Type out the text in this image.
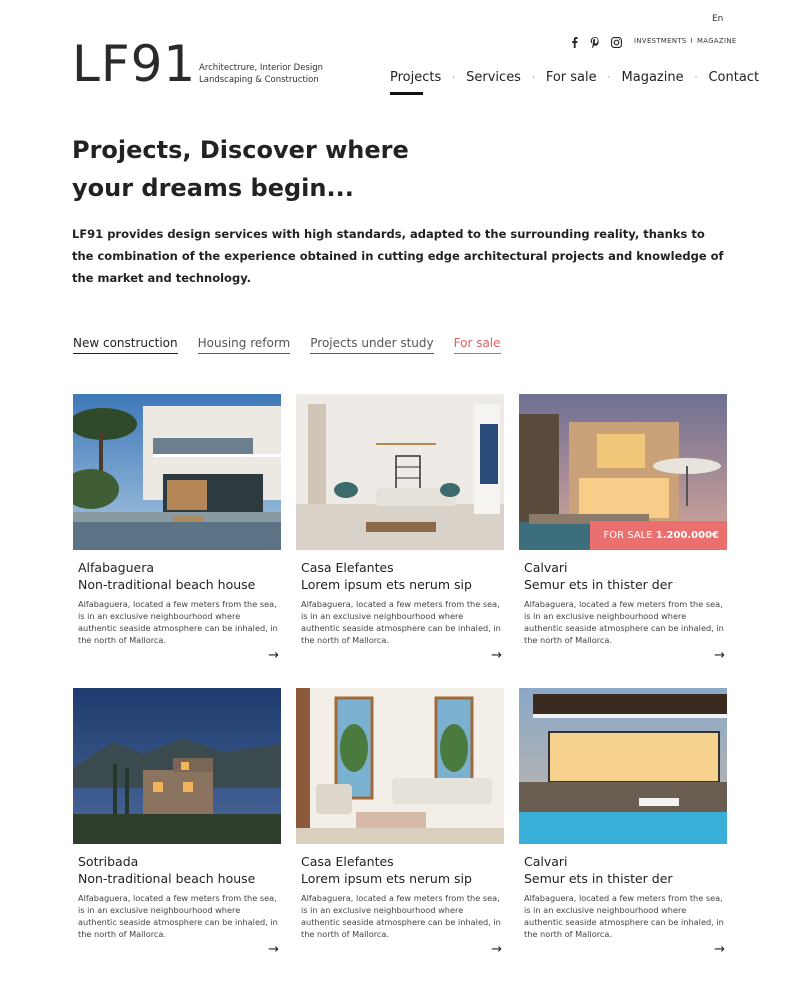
En
LF91 Architectrure, Interior Design
Landscaping & Construction
INVESTMENTS I MAGAZINE
Projects · Services · For sale · Magazine · Contact
Projects, Discover where your dreams begin...
LF91 provides design services with high standards, adapted to the surrounding reality, thanks to
the combination of the experience obtained in cutting edge architectural projects and knowledge of the market and technology.
New construction Housing reform Projects under study For sale
Alfabaguera
Non-traditional beach house
Alfabaguera, located a few meters from the sea, is in an exclusive neighbourhood where authentic seaside atmosphere can be inhaled, in the north of Mallorca.
→
Casa Elefantes
Lorem ipsum ets nerum sip
Alfabaguera, located a few meters from the sea, is in an exclusive neighbourhood where authentic seaside atmosphere can be inhaled, in the north of Mallorca.
→
FOR SALE 1.200.000€
Calvari
Semur ets in thister der
Alfabaguera, located a few meters from the sea, is in an exclusive neighbourhood where authentic seaside atmosphere can be inhaled, in the north of Mallorca.
→
Sotribada
Non-traditional beach house
Alfabaguera, located a few meters from the sea, is in an exclusive neighbourhood where authentic seaside atmosphere can be inhaled, in the north of Mallorca.
→
Casa Elefantes
Lorem ipsum ets nerum sip
Alfabaguera, located a few meters from the sea, is in an exclusive neighbourhood where authentic seaside atmosphere can be inhaled, in the north of Mallorca.
→
Calvari
Semur ets in thister der
Alfabaguera, located a few meters from the sea, is in an exclusive neighbourhood where authentic seaside atmosphere can be inhaled, in the north of Mallorca.
→
